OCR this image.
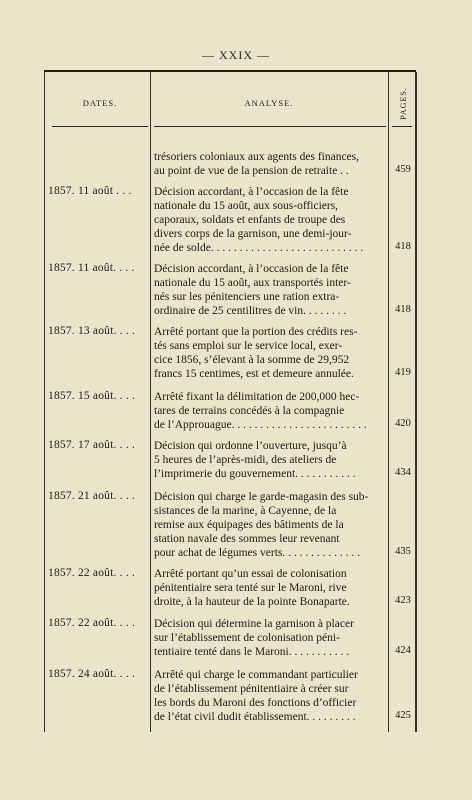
— XXIX —
DATES.	ANALYSE.	PAGES.
trésoriers coloniaux aux agents des finances,
au point de vue de la pension de retraite . .	459
1857. 11 août . . .	Décision accordant, à l’occasion de la fête
nationale du 15 août, aux sous-officiers,
caporaux, soldats et enfants de troupe des
divers corps de la garnison, une demi-jour-
née de solde. . . . . . . . . . . . . . . . . . . . . . . . . . .	418
1857. 11 août. . . .	Décision accordant, à l’occasion de la fête
nationale du 15 août, aux transportés inter-
nés sur les pénitenciers une ration extra-
ordinaire de 25 centilitres de vin. . . . . . . .	418
1857. 13 août. . . .	Arrêté portant que la portion des crédits res-
tés sans emploi sur le service local, exer-
cice 1856, s’élevant à la somme de 29,952
francs 15 centimes, est et demeure annulée.	419
1857. 15 août. . . .	Arrêté fixant la délimitation de 200,000 hec-
tares de terrains concédés à la compagnie
de l’Approuague. . . . . . . . . . . . . . . . . . . . . . . .	420
1857. 17 août. . . .	Décision qui ordonne l’ouverture, jusqu’à
5 heures de l’après-midi, des ateliers de
l’imprimerie du gouvernement. . . . . . . . . . .	434
1857. 21 août. . . .	Décision qui charge le garde-magasin des sub-
sistances de la marine, à Cayenne, de la
remise aux équipages des bâtiments de la
station navale des sommes leur revenant
pour achat de légumes verts. . . . . . . . . . . . . .	435
1857. 22 août. . . .	Arrêté portant qu’un essai de colonisation
pénitentiaire sera tenté sur le Maroni, rive
droite, à la hauteur de la pointe Bonaparte.	423
1857. 22 août. . . .	Décision qui détermine la garnison à placer
sur l’établissement de colonisation péni-
tentiaire tenté dans le Maroni. . . . . . . . . . .	424
1857. 24 août. . . .	Arrêté qui charge le commandant particulier
de l’établissement pénitentiaire à créer sur
les bords du Maroni des fonctions d’officier
de l’état civil dudit établissement. . . . . . . . .	425
